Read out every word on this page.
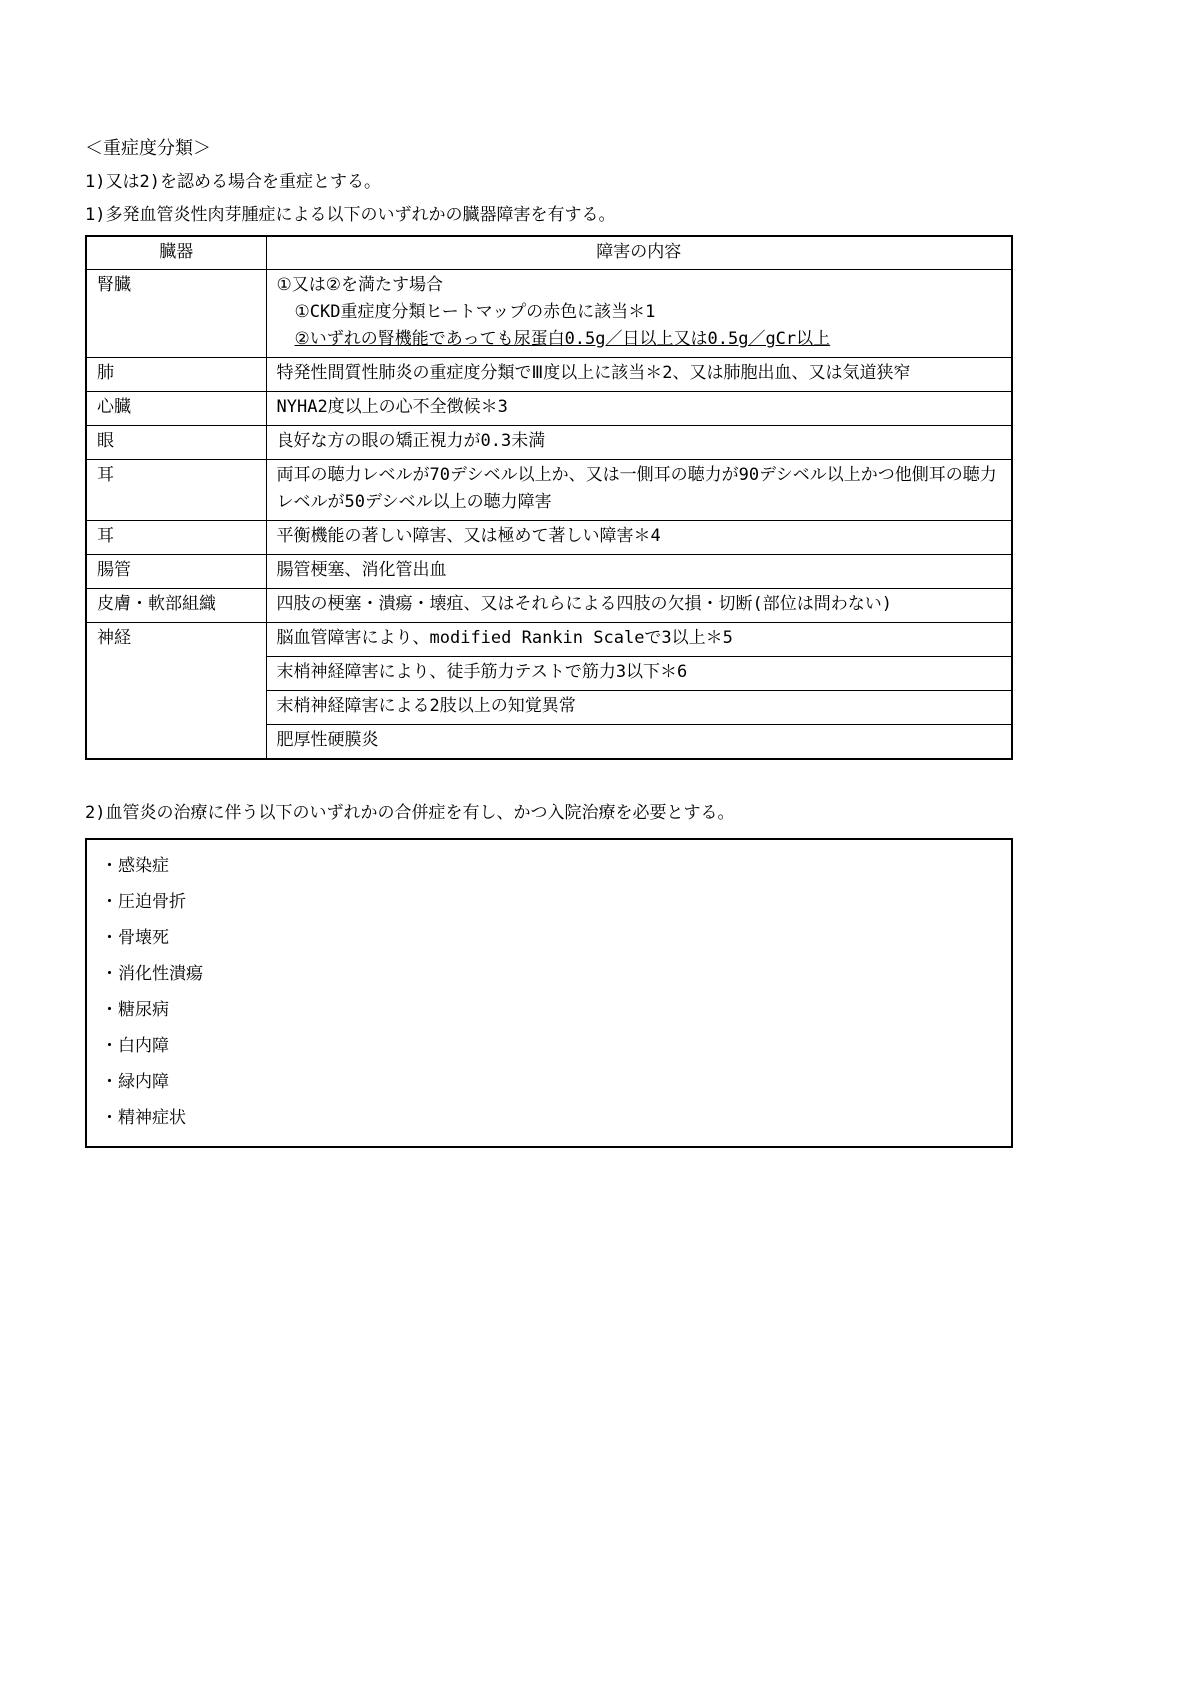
＜重症度分類＞
1)又は2)を認める場合を重症とする。
1)多発血管炎性肉芽腫症による以下のいずれかの臓器障害を有する。
臓器	障害の内容
腎臓	①又は②を満たす場合
①CKD重症度分類ヒートマップの赤色に該当＊1
②いずれの腎機能であっても尿蛋白0.5g／日以上又は0.5g／gCr以上

肺	特発性間質性肺炎の重症度分類でⅢ度以上に該当＊2、又は肺胞出血、又は気道狭窄
心臓	NYHA2度以上の心不全徴候＊3
眼	良好な方の眼の矯正視力が0.3未満
耳	両耳の聴力レベルが70デシベル以上か、又は一側耳の聴力が90デシベル以上かつ他側耳の聴力レベルが50デシベル以上の聴力障害
耳	平衡機能の著しい障害、又は極めて著しい障害＊4
腸管	腸管梗塞、消化管出血
皮膚・軟部組織	四肢の梗塞・潰瘍・壊疽、又はそれらによる四肢の欠損・切断(部位は問わない)
神経	脳血管障害により、modified Rankin Scaleで3以上＊5
	末梢神経障害により、徒手筋力テストで筋力3以下＊6
	末梢神経障害による2肢以上の知覚異常
	肥厚性硬膜炎
2)血管炎の治療に伴う以下のいずれかの合併症を有し、かつ入院治療を必要とする。
・感染症
・圧迫骨折
・骨壊死
・消化性潰瘍
・糖尿病
・白内障
・緑内障
・精神症状
